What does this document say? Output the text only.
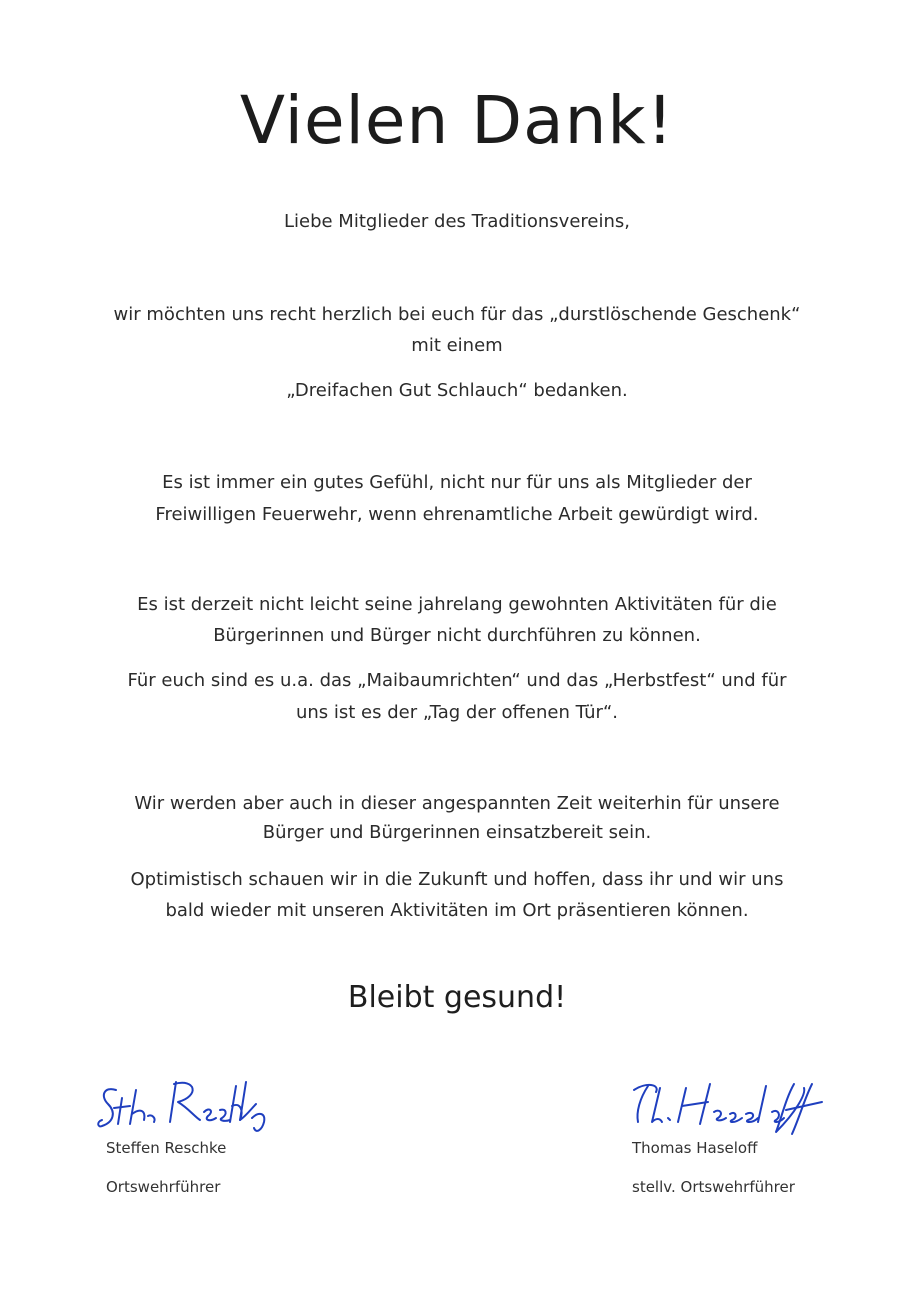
Vielen Dank!
Liebe Mitglieder des Traditionsvereins,
wir möchten uns recht herzlich bei euch für das „durstlöschende Geschenk“
mit einem
„Dreifachen Gut Schlauch“ bedanken.
Es ist immer ein gutes Gefühl, nicht nur für uns als Mitglieder der
Freiwilligen Feuerwehr, wenn ehrenamtliche Arbeit gewürdigt wird.
Es ist derzeit nicht leicht seine jahrelang gewohnten Aktivitäten für die
Bürgerinnen und Bürger nicht durchführen zu können.
Für euch sind es u.a. das „Maibaumrichten“ und das „Herbstfest“ und für
uns ist es der „Tag der offenen Tür“.
Wir werden aber auch in dieser angespannten Zeit weiterhin für unsere
Bürger und Bürgerinnen einsatzbereit sein.
Optimistisch schauen wir in die Zukunft und hoffen, dass ihr und wir uns
bald wieder mit unseren Aktivitäten im Ort präsentieren können.
Bleibt gesund!
Steffen Reschke
Ortswehrführer
Thomas Haseloff
stellv. Ortswehrführer
